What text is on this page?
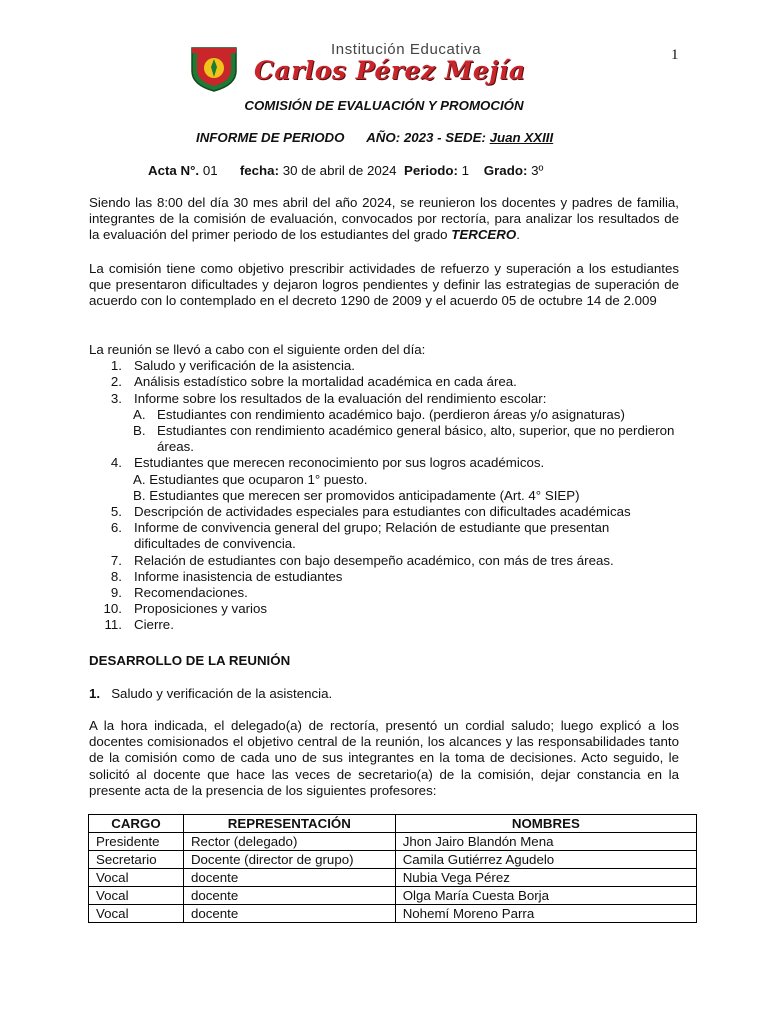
Institución Educativa
Carlos Pérez Mejía
1
COMISIÓN DE EVALUACIÓN Y PROMOCIÓN
INFORME DE PERIODO AÑO: 2023 - SEDE: Juan XXIII
Acta N°. 01 fecha: 30 de abril de 2024 Periodo: 1 Grado: 3º
Siendo las 8:00 del día 30 mes abril del año 2024, se reunieron los docentes y padres de familia, integrantes de la comisión de evaluación, convocados por rectoría, para analizar los resultados de la evaluación del primer periodo de los estudiantes del grado TERCERO.
La comisión tiene como objetivo prescribir actividades de refuerzo y superación a los estudiantes que presentaron dificultades y dejaron logros pendientes y definir las estrategias de superación de acuerdo con lo contemplado en el decreto 1290 de 2009 y el acuerdo 05 de octubre 14 de 2.009
La reunión se llevó a cabo con el siguiente orden del día:
1. Saludo y verificación de la asistencia.
2. Análisis estadístico sobre la mortalidad académica en cada área.
3. Informe sobre los resultados de la evaluación del rendimiento escolar:
A. Estudiantes con rendimiento académico bajo. (perdieron áreas y/o asignaturas)
B. Estudiantes con rendimiento académico general básico, alto, superior, que no perdieron áreas.
4. Estudiantes que merecen reconocimiento por sus logros académicos.
A. Estudiantes que ocuparon 1° puesto.
B. Estudiantes que merecen ser promovidos anticipadamente (Art. 4° SIEP)
5. Descripción de actividades especiales para estudiantes con dificultades académicas
6. Informe de convivencia general del grupo; Relación de estudiante que presentan dificultades de convivencia.
7. Relación de estudiantes con bajo desempeño académico, con más de tres áreas.
8. Informe inasistencia de estudiantes
9. Recomendaciones.
10. Proposiciones y varios
11. Cierre.
DESARROLLO DE LA REUNIÓN
1. Saludo y verificación de la asistencia.
A la hora indicada, el delegado(a) de rectoría, presentó un cordial saludo; luego explicó a los docentes comisionados el objetivo central de la reunión, los alcances y las responsabilidades tanto de la comisión como de cada uno de sus integrantes en la toma de decisiones. Acto seguido, le solicitó al docente que hace las veces de secretario(a) de la comisión, dejar constancia en la presente acta de la presencia de los siguientes profesores:
CARGO	REPRESENTACIÓN	NOMBRES
Presidente	Rector (delegado)	Jhon Jairo Blandón Mena
Secretario	Docente (director de grupo)	Camila Gutiérrez Agudelo
Vocal	docente	Nubia Vega Pérez
Vocal	docente	Olga María Cuesta Borja
Vocal	docente	Nohemí Moreno Parra
